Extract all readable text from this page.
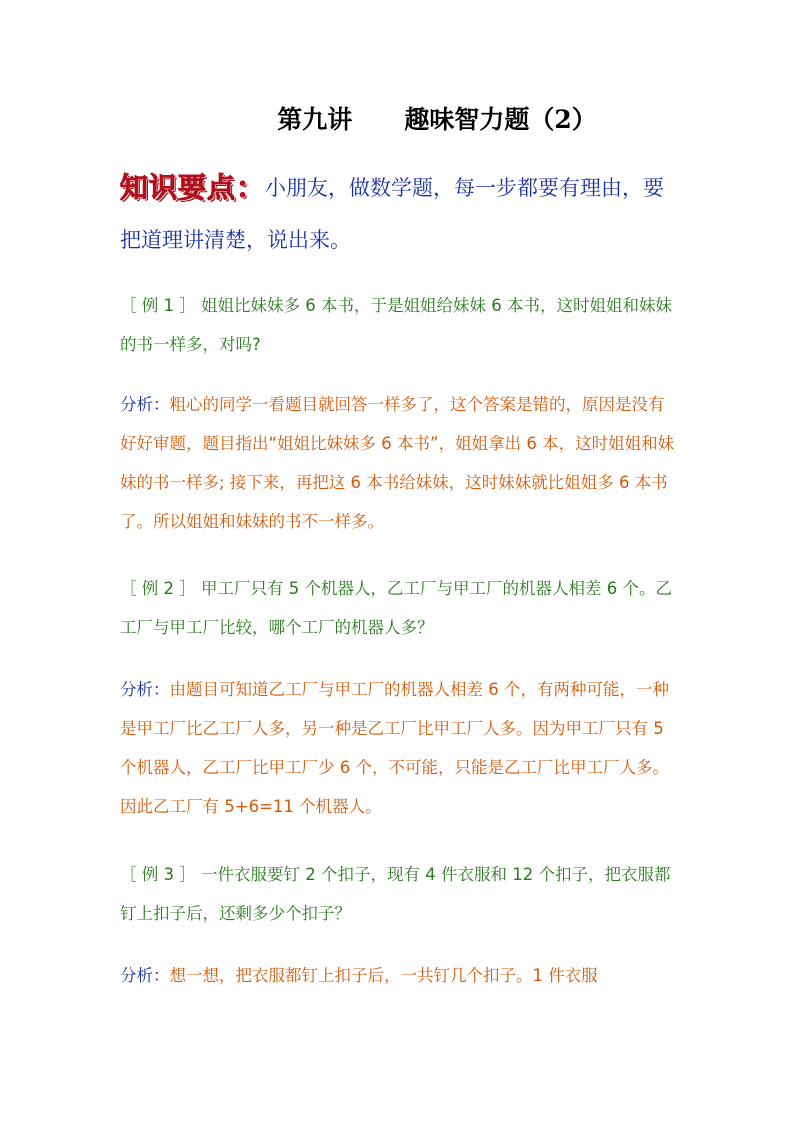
第九讲      趣味智力题（2）
知识要点：小朋友，做数学题，每一步都要有理由，要把道理讲清楚，说出来。
［ 例 1 ］ 姐姐比妹妹多 6 本书，于是姐姐给妹妹 6 本书，这时姐姐和妹妹的书一样多，对吗?
分析：粗心的同学一看题目就回答一样多了，这个答案是错的，原因是没有好好审题，题目指出“姐姐比妹妹多 6 本书”，姐姐拿出 6 本，这时姐姐和妹妹的书一样多; 接下来，再把这 6 本书给妹妹，这时妹妹就比姐姐多 6 本书了。所以姐姐和妹妹的书不一样多。
［ 例 2 ］ 甲工厂只有 5 个机器人，乙工厂与甲工厂的机器人相差 6 个。乙工厂与甲工厂比较，哪个工厂的机器人多？
分析：由题目可知道乙工厂与甲工厂的机器人相差 6 个，有两种可能，一种是甲工厂比乙工厂人多，另一种是乙工厂比甲工厂人多。因为甲工厂只有 5 个机器人，乙工厂比甲工厂少 6 个，不可能，只能是乙工厂比甲工厂人多。因此乙工厂有 5+6=11 个机器人。
［ 例 3 ］ 一件衣服要钉 2 个扣子，现有 4 件衣服和 12 个扣子，把衣服都钉上扣子后，还剩多少个扣子？
分析：想一想，把衣服都钉上扣子后，一共钉几个扣子。1 件衣服
